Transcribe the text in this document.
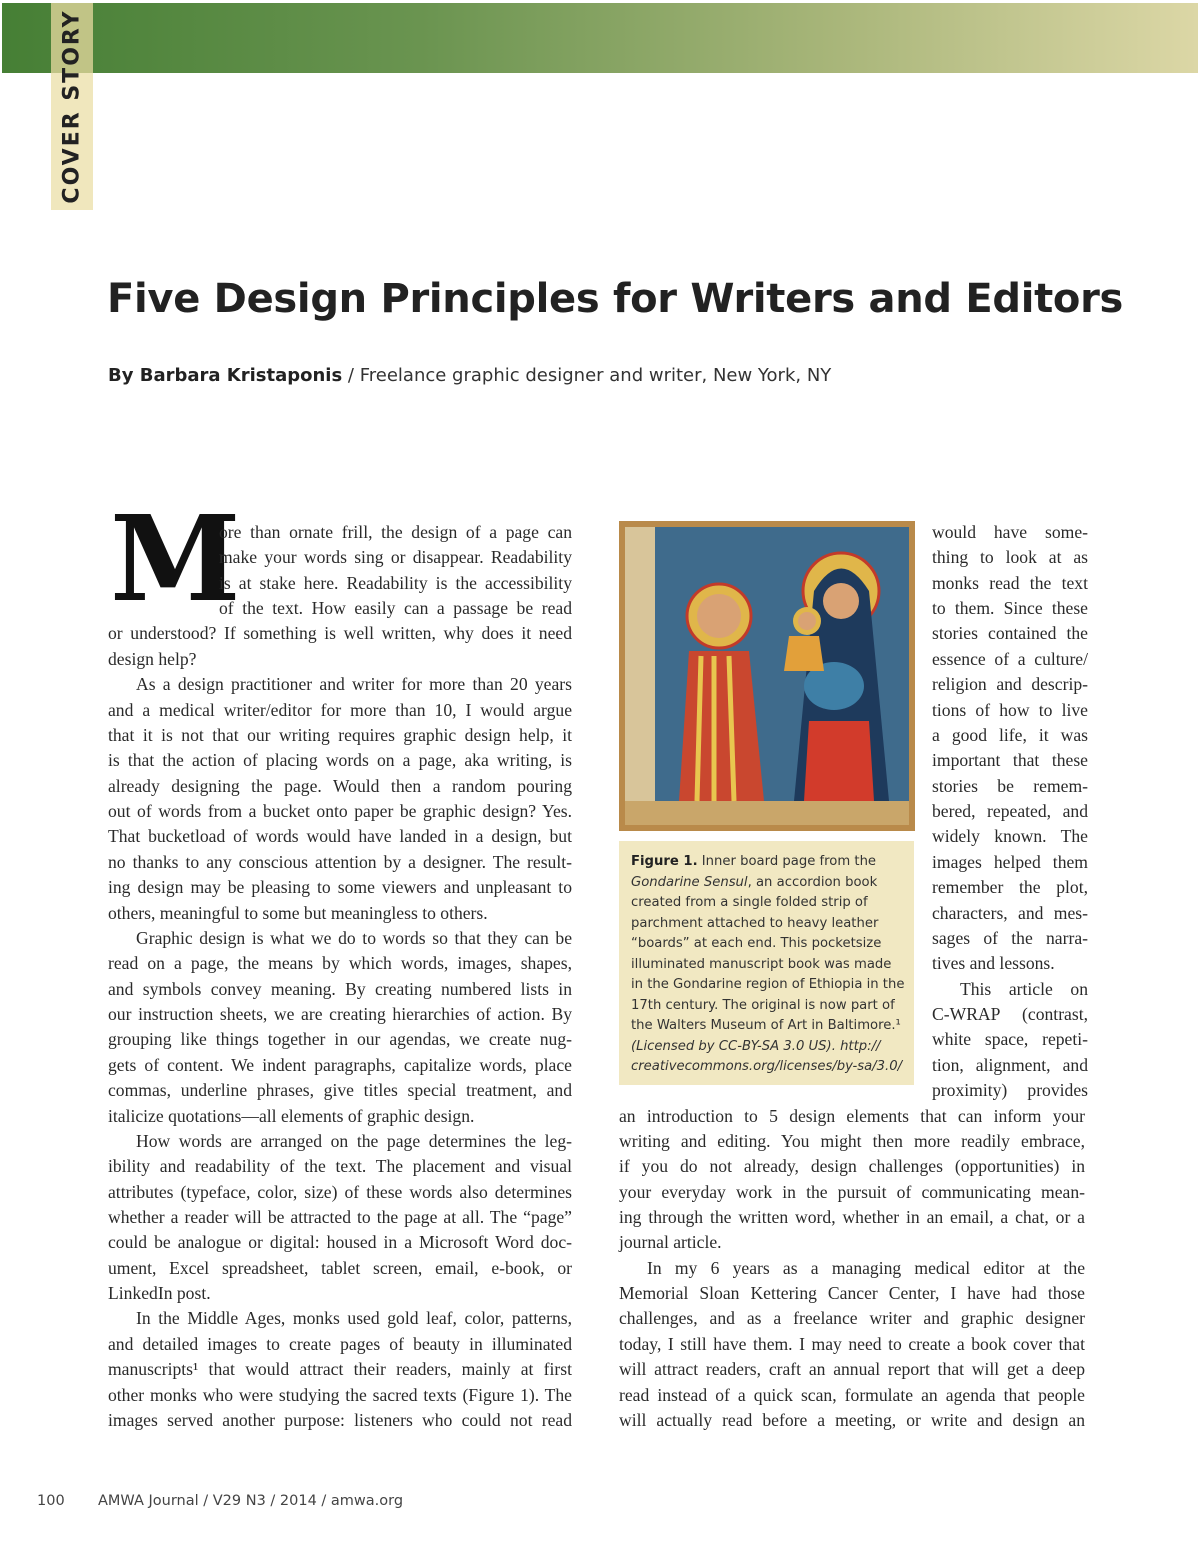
COVER STORY
Five Design Principles for Writers and Editors
By Barbara Kristaponis / Freelance graphic designer and writer, New York, NY
M
ore than ornate frill, the design of a page can
make your words sing or disappear. Readability
is at stake here. Readability is the accessibility
of the text. How easily can a passage be read
or understood? If something is well written, why does it need
design help?
As a design practitioner and writer for more than 20 years
and a medical writer/editor for more than 10, I would argue
that it is not that our writing requires graphic design help, it
is that the action of placing words on a page, aka writing, is
already designing the page. Would then a random pouring
out of words from a bucket onto paper be graphic design? Yes.
That bucketload of words would have landed in a design, but
no thanks to any conscious attention by a designer. The result-
ing design may be pleasing to some viewers and unpleasant to
others, meaningful to some but meaningless to others.
Graphic design is what we do to words so that they can be
read on a page, the means by which words, images, shapes,
and symbols convey meaning. By creating numbered lists in
our instruction sheets, we are creating hierarchies of action. By
grouping like things together in our agendas, we create nug-
gets of content. We indent paragraphs, capitalize words, place
commas, underline phrases, give titles special treatment, and
italicize quotations—all elements of graphic design.
How words are arranged on the page determines the leg-
ibility and readability of the text. The placement and visual
attributes (typeface, color, size) of these words also determines
whether a reader will be attracted to the page at all. The “page”
could be analogue or digital: housed in a Microsoft Word doc-
ument, Excel spreadsheet, tablet screen, email, e-book, or
LinkedIn post.
In the Middle Ages, monks used gold leaf, color, patterns,
and detailed images to create pages of beauty in illuminated
manuscripts¹ that would attract their readers, mainly at first
other monks who were studying the sacred texts (Figure 1). The
images served another purpose: listeners who could not read
would have some-
thing to look at as
monks read the text
to them. Since these
stories contained the
essence of a culture/
religion and descrip-
tions of how to live
a good life, it was
important that these
stories be remem-
bered, repeated, and
widely known. The
images helped them
remember the plot,
characters, and mes-
sages of the narra-
tives and lessons.
This article on
C-WRAP (contrast,
white space, repeti-
tion, alignment, and
proximity) provides
an introduction to 5 design elements that can inform your
writing and editing. You might then more readily embrace,
if you do not already, design challenges (opportunities) in
your everyday work in the pursuit of communicating mean-
ing through the written word, whether in an email, a chat, or a
journal article.
In my 6 years as a managing medical editor at the
Memorial Sloan Kettering Cancer Center, I have had those
challenges, and as a freelance writer and graphic designer
today, I still have them. I may need to create a book cover that
will attract readers, craft an annual report that will get a deep
read instead of a quick scan, formulate an agenda that people
will actually read before a meeting, or write and design an
Figure 1. Inner board page from the Gondarine Sensul, an accordion book created from a single folded strip of parchment attached to heavy leather “boards” at each end. This pocketsize illuminated manuscript book was made in the Gondarine region of Ethiopia in the 17th century. The original is now part of the Walters Museum of Art in Baltimore.¹ (Licensed by CC-BY-SA 3.0 US). http:// creativecommons.org/licenses/by-sa/3.0/
100 AMWA Journal / V29 N3 / 2014 / amwa.org
